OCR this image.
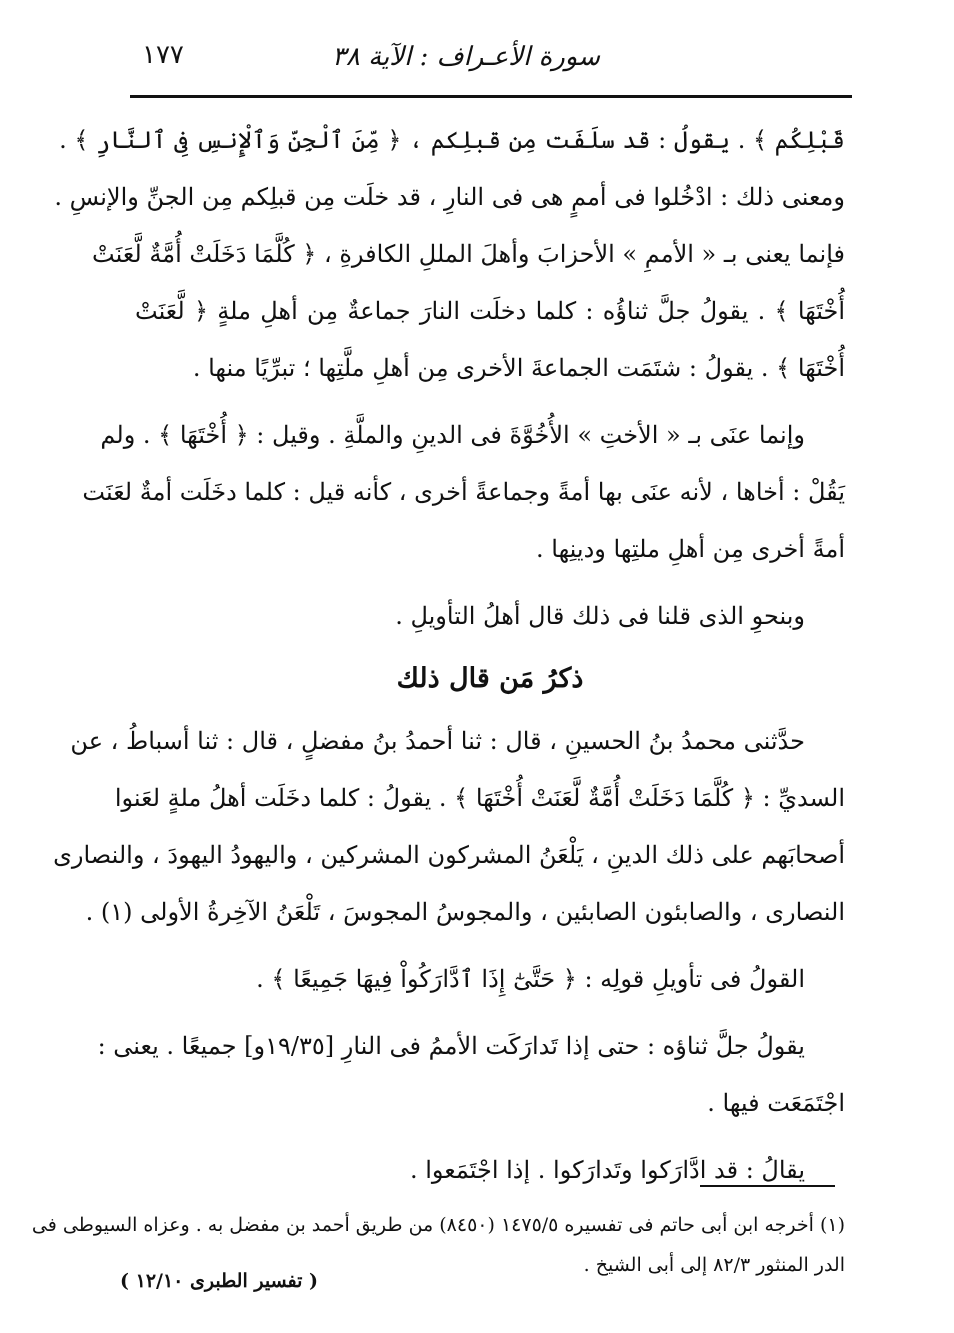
سورة الأعـراف : الآية ٣٨
١٧٧
قَبْلِكُم ﴾ . يقولُ : قد سلَفَت مِن قبلِكم ، ﴿ مِّنَ ٱلْجِنِّ وَٱلْإِنسِ فِى ٱلنَّارِ ﴾ .
ومعنى ذلك : ادْخُلوا فى أممٍ هى فى النارِ ، قد خلَت مِن قبلِكم مِن الجنِّ والإنسِ .
فإنما يعنى بـ « الأممِ » الأحزابَ وأهلَ المللِ الكافرةِ ، ﴿ كُلَّمَا دَخَلَتْ أُمَّةٌ لَّعَنَتْ
أُخْتَهَا ﴾ . يقولُ جلَّ ثناؤُه : كلما دخلَت النارَ جماعةٌ مِن أهلِ ملةٍ ﴿ لَّعَنَتْ
أُخْتَهَا ﴾ . يقولُ : شتَمَت الجماعةَ الأخرى مِن أهلِ ملَّتِها ؛ تبرِّيًا منها .
وإنما عنَى بـ « الأختِ » الأُخُوَّةَ فى الدينِ والملَّةِ . وقيل : ﴿ أُخْتَهَا ﴾ . ولم
يَقُلْ : أخاها ، لأنه عنَى بها أمةً وجماعةً أخرى ، كأنه قيل : كلما دخَلَت أمةٌ لعَنَت
أمةً أخرى مِن أهلِ ملتِها ودينِها .
وبنحوِ الذى قلنا فى ذلك قال أهلُ التأويلِ .
ذكرُ مَن قال ذلك
حدَّثنى محمدُ بنُ الحسينِ ، قال : ثنا أحمدُ بنُ مفضلٍ ، قال : ثنا أسباطُ ، عن
السديِّ : ﴿ كُلَّمَا دَخَلَتْ أُمَّةٌ لَّعَنَتْ أُخْتَهَا ﴾ . يقولُ : كلما دخَلَت أهلُ ملةٍ لعَنوا
أصحابَهم على ذلك الدينِ ، يَلْعَنُ المشركون المشركين ، واليهودُ اليهودَ ، والنصارى
النصارى ، والصابئون الصابئين ، والمجوسُ المجوسَ ، تَلْعَنُ الآخِرةُ الأولى (١) .
القولُ فى تأويلِ قولِه : ﴿ حَتَّىٰٓ إِذَا ٱدَّارَكُواْ فِيهَا جَمِيعًا ﴾ .
يقولُ جلَّ ثناؤه : حتى إذا تَدارَكَت الأممُ فى النارِ [١٩/٣٥و] جميعًا . يعنى :
اجْتَمَعَت فيها .
يقالُ : قد ادَّارَكوا وتَدارَكوا . إذا اجْتَمَعوا .
(١) أخرجه ابن أبى حاتم فى تفسيره ١٤٧٥/٥ (٨٤٥٠) من طريق أحمد بن مفضل به . وعزاه السيوطى فى
الدر المنثور ٨٢/٣ إلى أبى الشيخ .
( تفسير الطبرى ١٢/١٠ )
